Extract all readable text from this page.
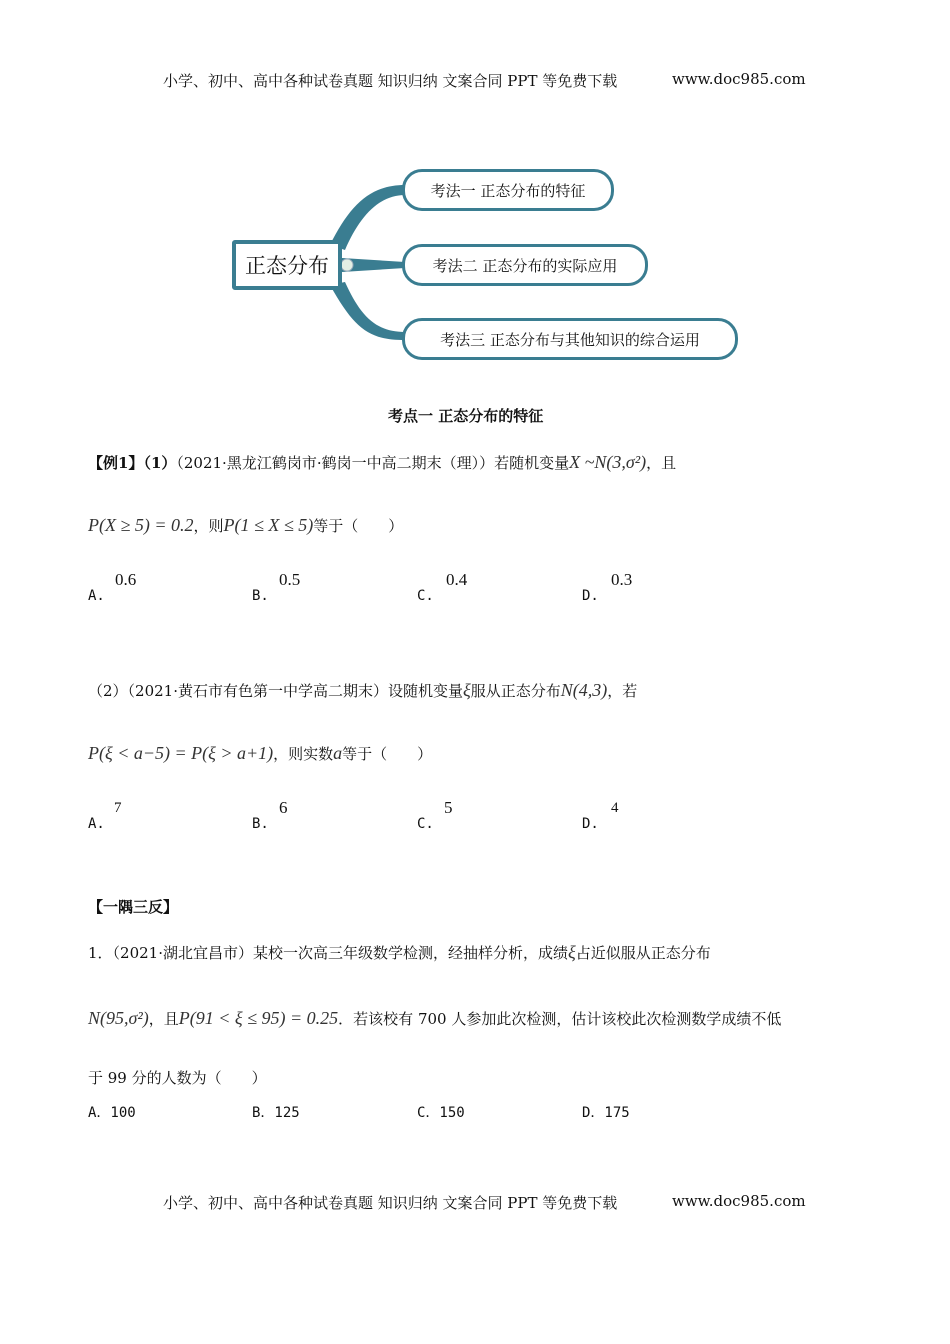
小学、初中、高中各种试卷真题 知识归纳 文案合同 PPT 等免费下载	www.doc985.com
正态分布
考法一 正态分布的特征
考法二 正态分布的实际应用
考法三 正态分布与其他知识的综合运用
考点一 正态分布的特征
【例1】（1）（2021·黑龙江鹤岗市·鹤岗一中高二期末（理））若随机变量X ~N(3,σ²)，且
P(X ≥ 5) = 0.2，则P(1 ≤ X ≤ 5)等于（　　）
A.
0.6
B.
0.5
C.
0.4
D.
0.3
（2）（2021·黄石市有色第一中学高二期末）设随机变量ξ服从正态分布N(4,3)，若
P(ξ < a−5) = P(ξ > a+1)，则实数a等于（　　）
A.
7
B.
6
C.
5
D.
4
【一隅三反】
1．（2021·湖北宜昌市）某校一次高三年级数学检测，经抽样分析，成绩ξ占近似服从正态分布
N(95,σ²)，且P(91 < ξ ≤ 95) = 0.25．若该校有 700 人参加此次检测，估计该校此次检测数学成绩不低
于 99 分的人数为（　　）
A．100	B．125	C．150	D．175
小学、初中、高中各种试卷真题 知识归纳 文案合同 PPT 等免费下载	www.doc985.com
